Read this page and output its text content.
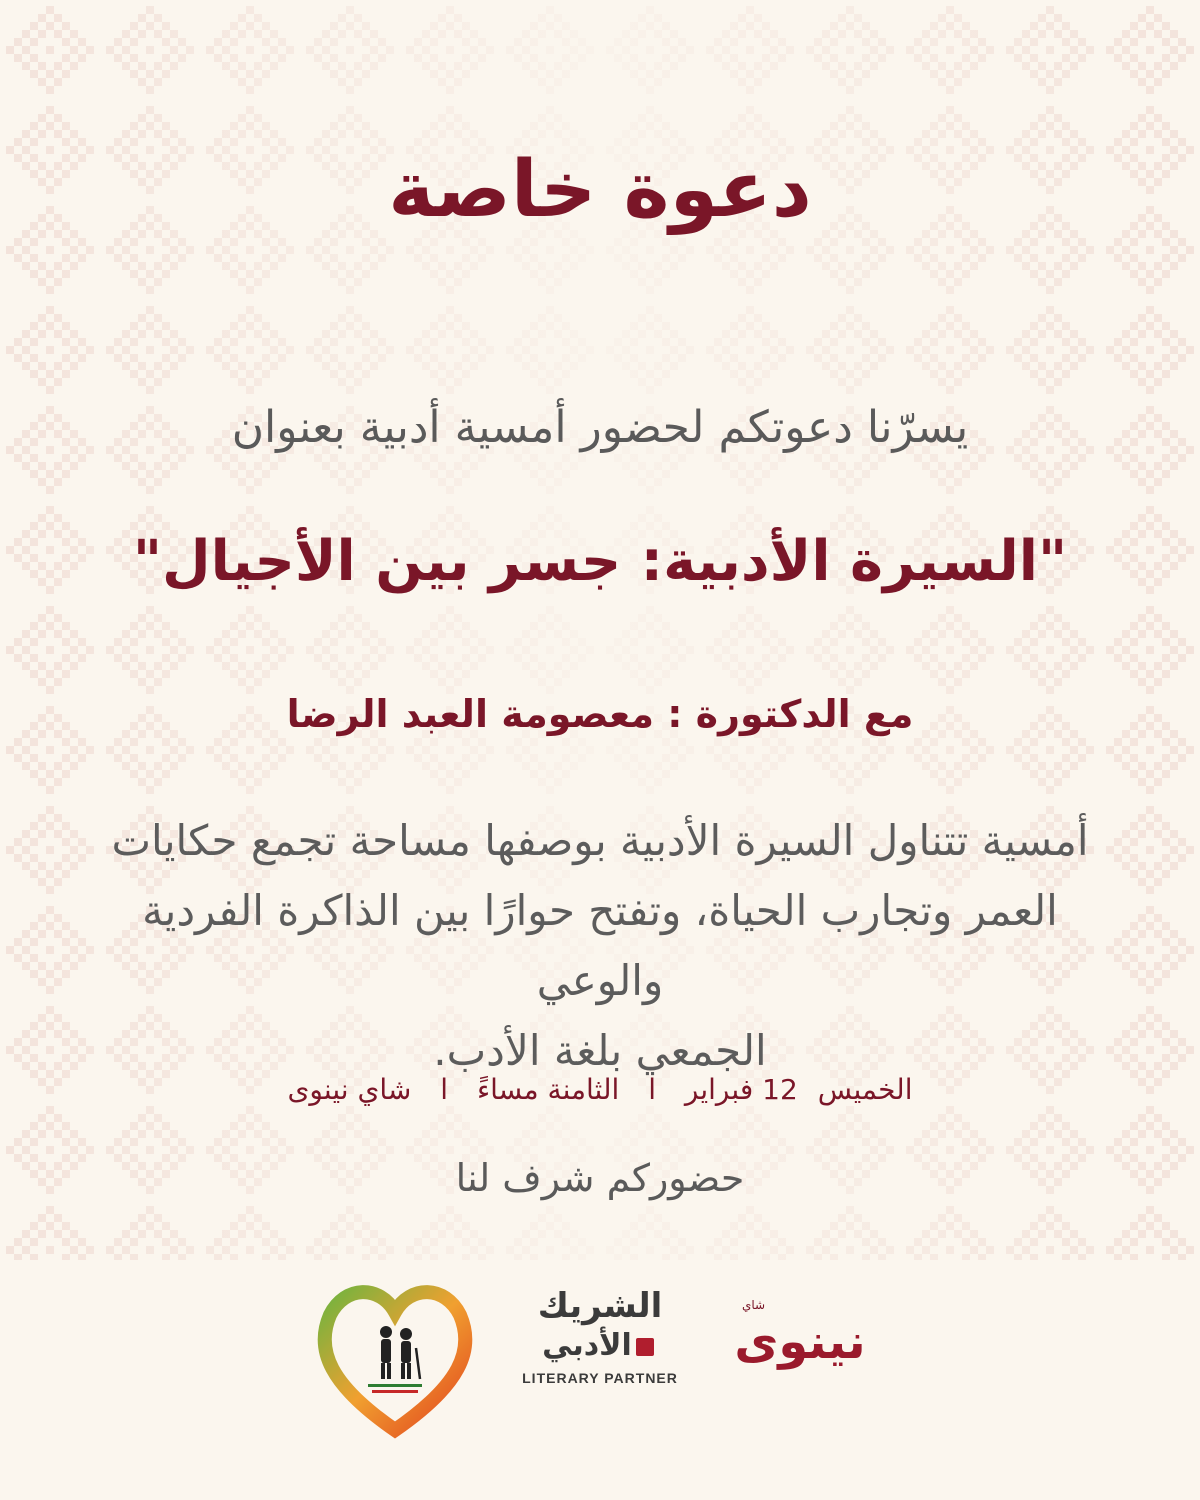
دعوة خاصة

يسرّنا دعوتكم لحضور أمسية أدبية بعنوان

"السيرة الأدبية: جسر بين الأجيال"

مع الدكتورة : معصومة العبد الرضا

أمسية تتناول السيرة الأدبية بوصفها مساحة تجمع حكايات
العمر وتجارب الحياة، وتفتح حوارًا بين الذاكرة الفردية والوعي
الجمعي بلغة الأدب.

الخميس12 فبراير ا الثامنة مساءً ا شاي نينوى

حضوركم شرف لنا

الشريك

الأدبي

LITERARY PARTNER
شاي
نينوى
